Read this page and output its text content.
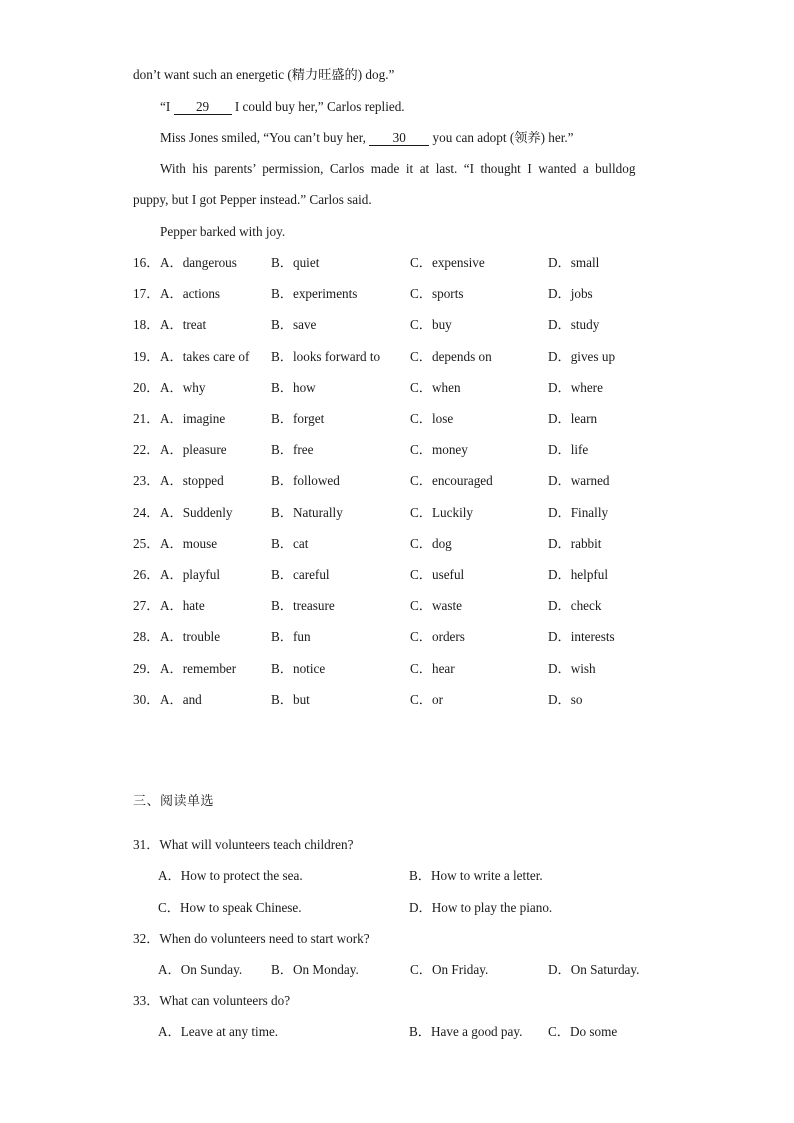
don’t want such an energetic (精力旺盛的) dog.”
“I 29 I could buy her,” Carlos replied.
Miss Jones smiled, “You can’t buy her, 30 you can adopt (领养) her.”
With his parents’ permission, Carlos made it at last. “I thought I wanted a bulldog
puppy, but I got Pepper instead.” Carlos said.
Pepper barked with joy.
16． A．dangerous	B．quiet	C．expensive	D．small
17． A．actions	B．experiments	C．sports	D．jobs
18． A．treat	B．save	C．buy	D．study
19． A．takes care of B．looks forward to C．depends on	D．gives up
20． A．why	B．how	C．when	D．where
21． A．imagine	B．forget	C．lose	D．learn
22． A．pleasure	B．free	C．money	D．life
23． A．stopped	B．followed	C．encouraged	D．warned
24． A．Suddenly	B．Naturally	C．Luckily	D．Finally
25． A．mouse	B．cat	C．dog	D．rabbit
26． A．playful	B．careful	C．useful	D．helpful
27． A．hate	B．treasure	C．waste	D．check
28． A．trouble	B．fun	C．orders	D．interests
29． A．remember	B．notice	C．hear	D．wish
30． A．and	B．but	C．or	D．so
三、阅读单选
31．What will volunteers teach children?
A．How to protect the sea.	B．How to write a letter.
C．How to speak Chinese.	D．How to play the piano.
32．When do volunteers need to start work?
A．On Sunday. B．On Monday.	C．On Friday.	D．On Saturday.
33．What can volunteers do?
A．Leave at any time.	B．Have a good pay. C．Do some
